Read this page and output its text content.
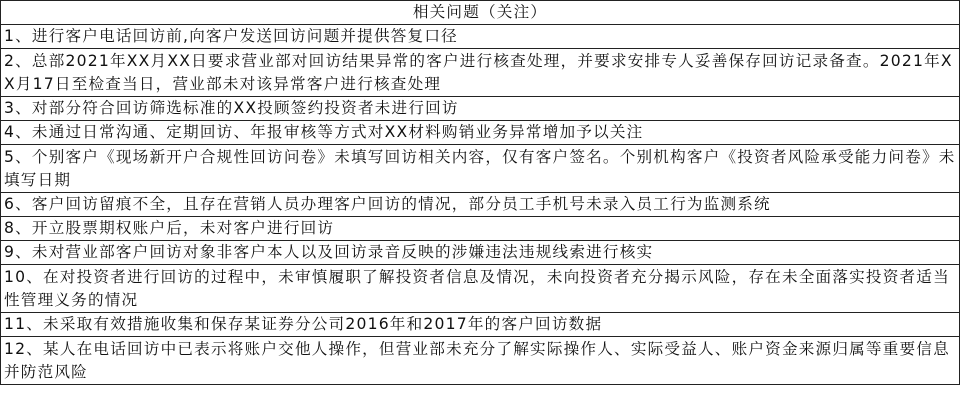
相关问题（关注）
1、进行客户电话回访前,向客户发送回访问题并提供答复口径
2、总部2021年XX月XX日要求营业部对回访结果异常的客户进行核查处理，并要求安排专人妥善保存回访记录备查。2021年XX月17日至检查当日，营业部未对该异常客户进行核查处理
3、对部分符合回访筛选标准的XX投顾签约投资者未进行回访
4、未通过日常沟通、定期回访、年报审核等方式对XX材料购销业务异常增加予以关注
5、个别客户《现场新开户合规性回访问卷》未填写回访相关内容，仅有客户签名。个别机构客户《投资者风险承受能力问卷》未填写日期
6、客户回访留痕不全，且存在营销人员办理客户回访的情况，部分员工手机号未录入员工行为监测系统
8、开立股票期权账户后，未对客户进行回访
9、未对营业部客户回访对象非客户本人以及回访录音反映的涉嫌违法违规线索进行核实
10、在对投资者进行回访的过程中，未审慎履职了解投资者信息及情况，未向投资者充分揭示风险，存在未全面落实投资者适当性管理义务的情况
11、未采取有效措施收集和保存某证券分公司2016年和2017年的客户回访数据
12、某人在电话回访中已表示将账户交他人操作，但营业部未充分了解实际操作人、实际受益人、账户资金来源归属等重要信息并防范风险
